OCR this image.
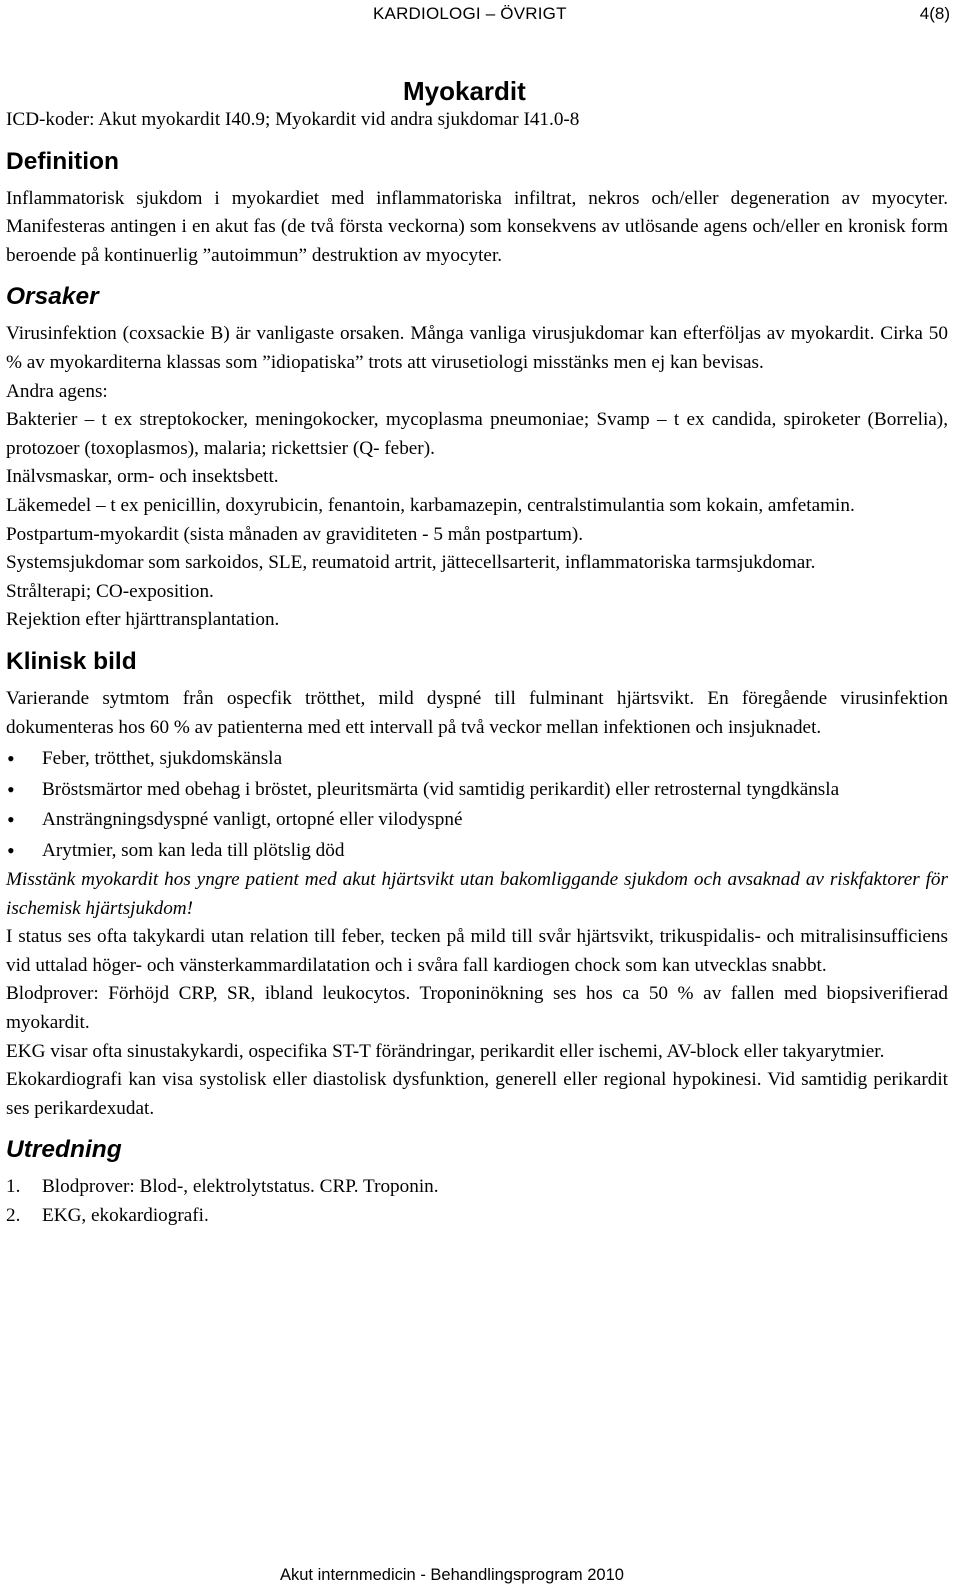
KARDIOLOGI – ÖVRIGT	4(8)
Myokardit

ICD-koder: Akut myokardit I40.9; Myokardit vid andra sjukdomar I41.0-8

Definition

Inflammatorisk sjukdom i myokardiet med inflammatoriska infiltrat, nekros och/eller degeneration av myocyter. Manifesteras antingen i en akut fas (de två första veckorna) som konsekvens av utlösande agens och/eller en kronisk form beroende på kontinuerlig ”autoimmun” destruktion av myocyter.

Orsaker

Virusinfektion (coxsackie B) är vanligaste orsaken. Många vanliga virusjukdomar kan efterföljas av myokardit. Cirka 50 % av myokarditerna klassas som ”idiopatiska” trots att virusetiologi misstänks men ej kan bevisas.

Andra agens:

Bakterier – t ex streptokocker, meningokocker, mycoplasma pneumoniae; Svamp – t ex candida, spiroketer (Borrelia), protozoer (toxoplasmos), malaria; rickettsier (Q- feber).

Inälvsmaskar, orm- och insektsbett.

Läkemedel – t ex penicillin, doxyrubicin, fenantoin, karbamazepin, centralstimulantia som kokain, amfetamin.

Postpartum-myokardit (sista månaden av graviditeten - 5 mån postpartum).

Systemsjukdomar som sarkoidos, SLE, reumatoid artrit, jättecellsarterit, inflammatoriska tarmsjukdomar.

Strålterapi; CO-exposition.

Rejektion efter hjärttransplantation.

Klinisk bild

Varierande sytmtom från ospecfik trötthet, mild dyspné till fulminant hjärtsvikt. En föregående virusinfektion dokumenteras hos 60 % av patienterna med ett intervall på två veckor mellan infektionen och insjuknadet.

• Feber, trötthet, sjukdomskänsla
• Bröstsmärtor med obehag i bröstet, pleuritsmärta (vid samtidig perikardit) eller retrosternal tyngdkänsla
• Ansträngningsdyspné vanligt, ortopné eller vilodyspné
• Arytmier, som kan leda till plötslig död

Misstänk myokardit hos yngre patient med akut hjärtsvikt utan bakomliggande sjukdom och avsaknad av riskfaktorer för ischemisk hjärtsjukdom!

I status ses ofta takykardi utan relation till feber, tecken på mild till svår hjärtsvikt, trikuspidalis- och mitralisinsufficiens vid uttalad höger- och vänsterkammardilatation och i svåra fall kardiogen chock som kan utvecklas snabbt.

Blodprover: Förhöjd CRP, SR, ibland leukocytos. Troponinökning ses hos ca 50 % av fallen med biopsiverifierad myokardit.

EKG visar ofta sinustakykardi, ospecifika ST-T förändringar, perikardit eller ischemi, AV-block eller takyarytmier.

Ekokardiografi kan visa systolisk eller diastolisk dysfunktion, generell eller regional hypokinesi. Vid samtidig perikardit ses perikardexudat.

Utredning
1.	Blodprover: Blod-, elektrolytstatus. CRP. Troponin.
2.	EKG, ekokardiografi.
Akut internmedicin - Behandlingsprogram 2010
